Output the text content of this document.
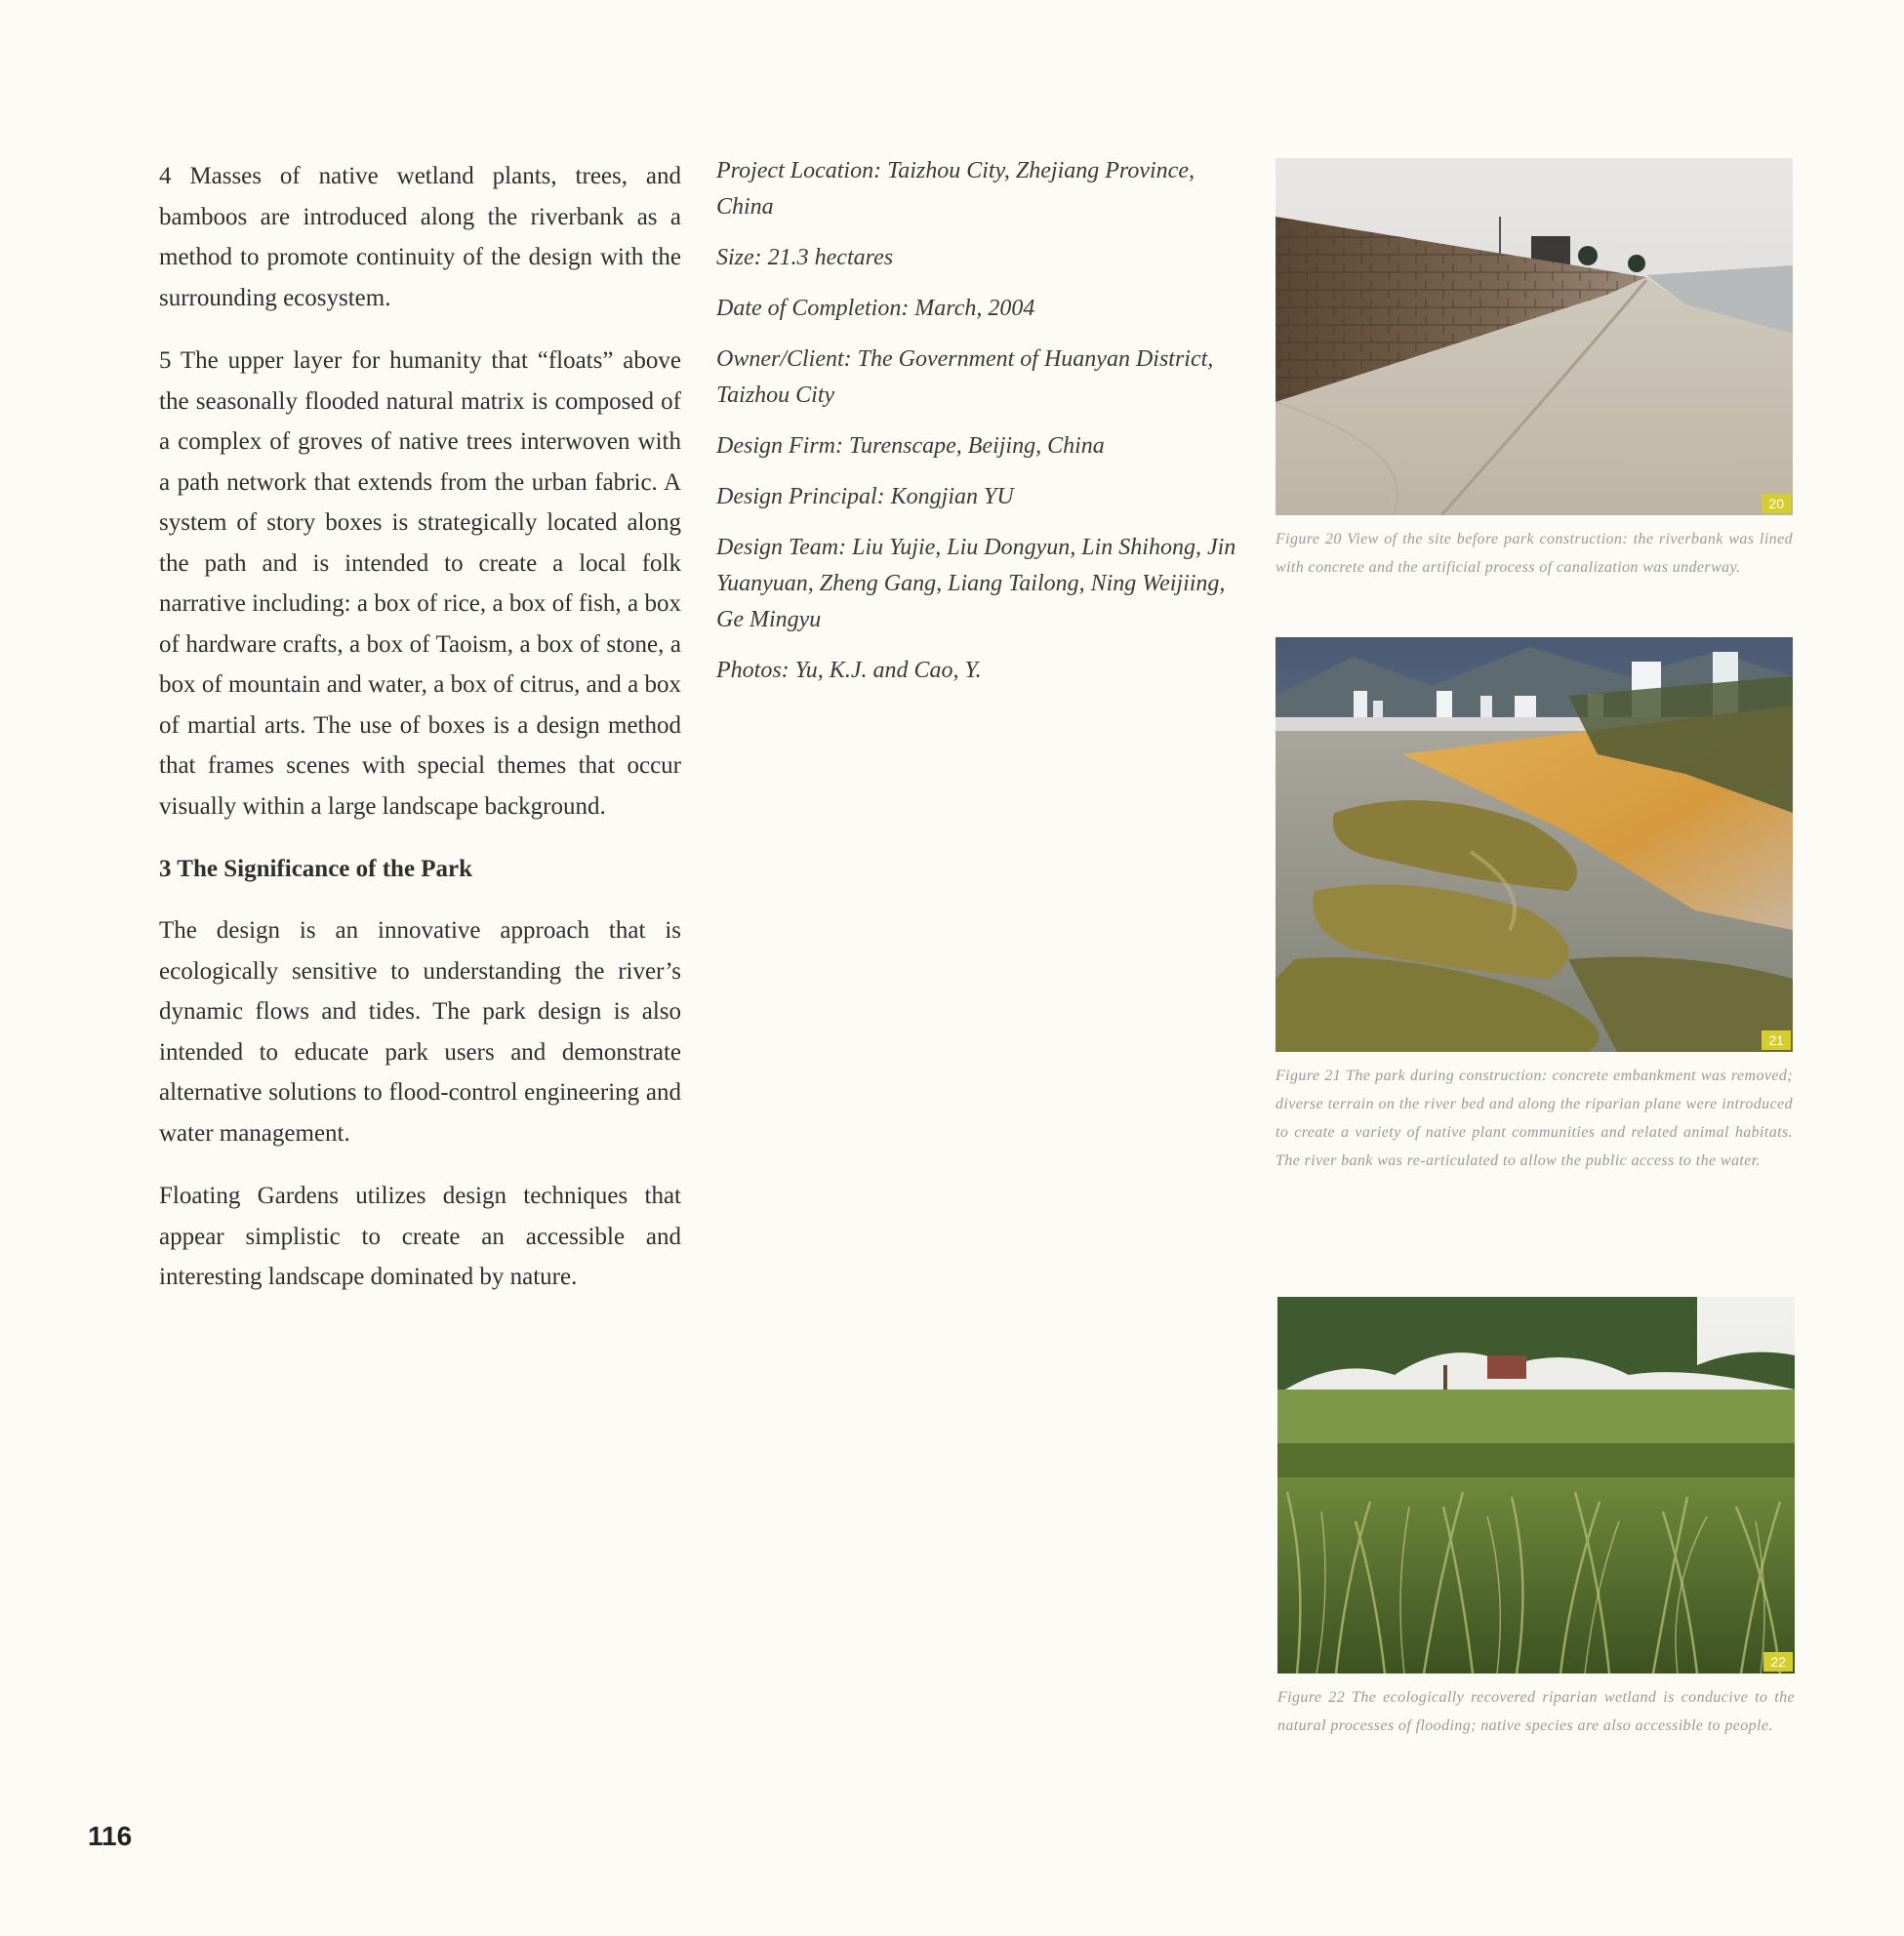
4 Masses of native wetland plants, trees, and bamboos are introduced along the riverbank as a method to promote continuity of the design with the surrounding ecosystem.

5 The upper layer for humanity that “floats” above the seasonally flooded natural matrix is composed of a complex of groves of native trees interwoven with a path network that extends from the urban fabric. A system of story boxes is strategically located along the path and is intended to create a local folk narrative including: a box of rice, a box of fish, a box of hardware crafts, a box of Taoism, a box of stone, a box of mountain and water, a box of citrus, and a box of martial arts. The use of boxes is a design method that frames scenes with special themes that occur visually within a large landscape background.

3 The Significance of the Park

The design is an innovative approach that is ecologically sensitive to understanding the river’s dynamic flows and tides. The park design is also intended to educate park users and demonstrate alternative solutions to flood-control engineering and water management.

Floating Gardens utilizes design techniques that appear simplistic to create an accessible and interesting landscape dominated by nature.

Project Location: Taizhou City, Zhejiang Province, China

Size: 21.3 hectares

Date of Completion: March, 2004

Owner/Client: The Government of Huanyan District, Taizhou City

Design Firm: Turenscape, Beijing, China

Design Principal: Kongjian YU

Design Team: Liu Yujie, Liu Dongyun, Lin Shihong, Jin Yuanyuan, Zheng Gang, Liang Tailong, Ning Weijiing, Ge Mingyu

Photos: Yu, K.J. and Cao, Y.

20
Figure 20 View of the site before park construction: the riverbank was lined with concrete and the artificial process of canalization was underway.
21
Figure 21 The park during construction: concrete embankment was removed; diverse terrain on the river bed and along the riparian plane were introduced to create a variety of native plant communities and related animal habitats. The river bank was re-articulated to allow the public access to the water.
22
Figure 22 The ecologically recovered riparian wetland is conducive to the natural processes of flooding; native species are also accessible to people.
116
